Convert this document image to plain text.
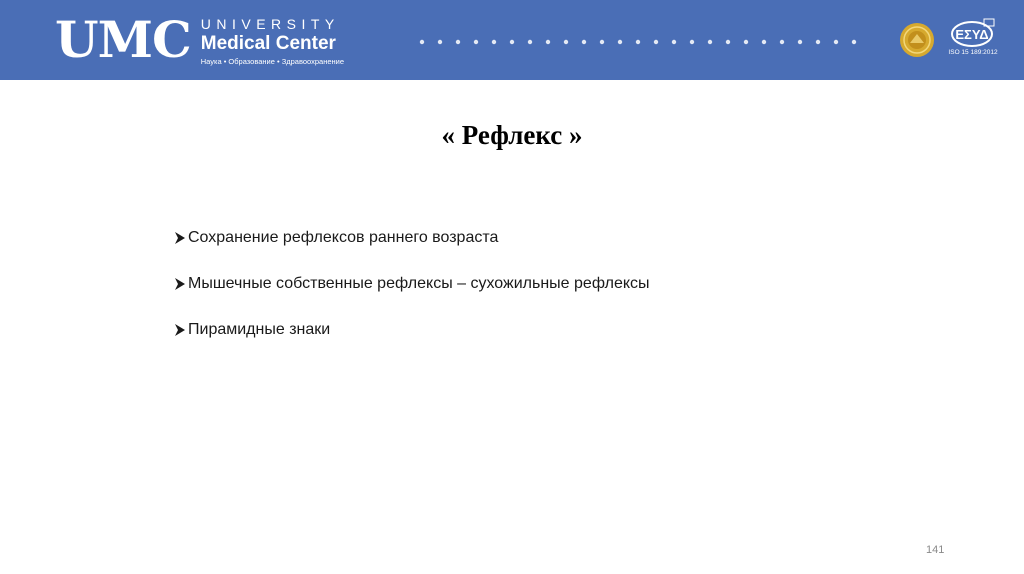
UMC UNIVERSITY
Medical Center
Наука • Образование • Здравоохранение
ΕΣΥΔ
ISO 15 189:2012
« Рефлекс »
Сохранение рефлексов раннего возраста
Мышечные собственные рефлексы – сухожильные рефлексы
Пирамидные знаки
141
